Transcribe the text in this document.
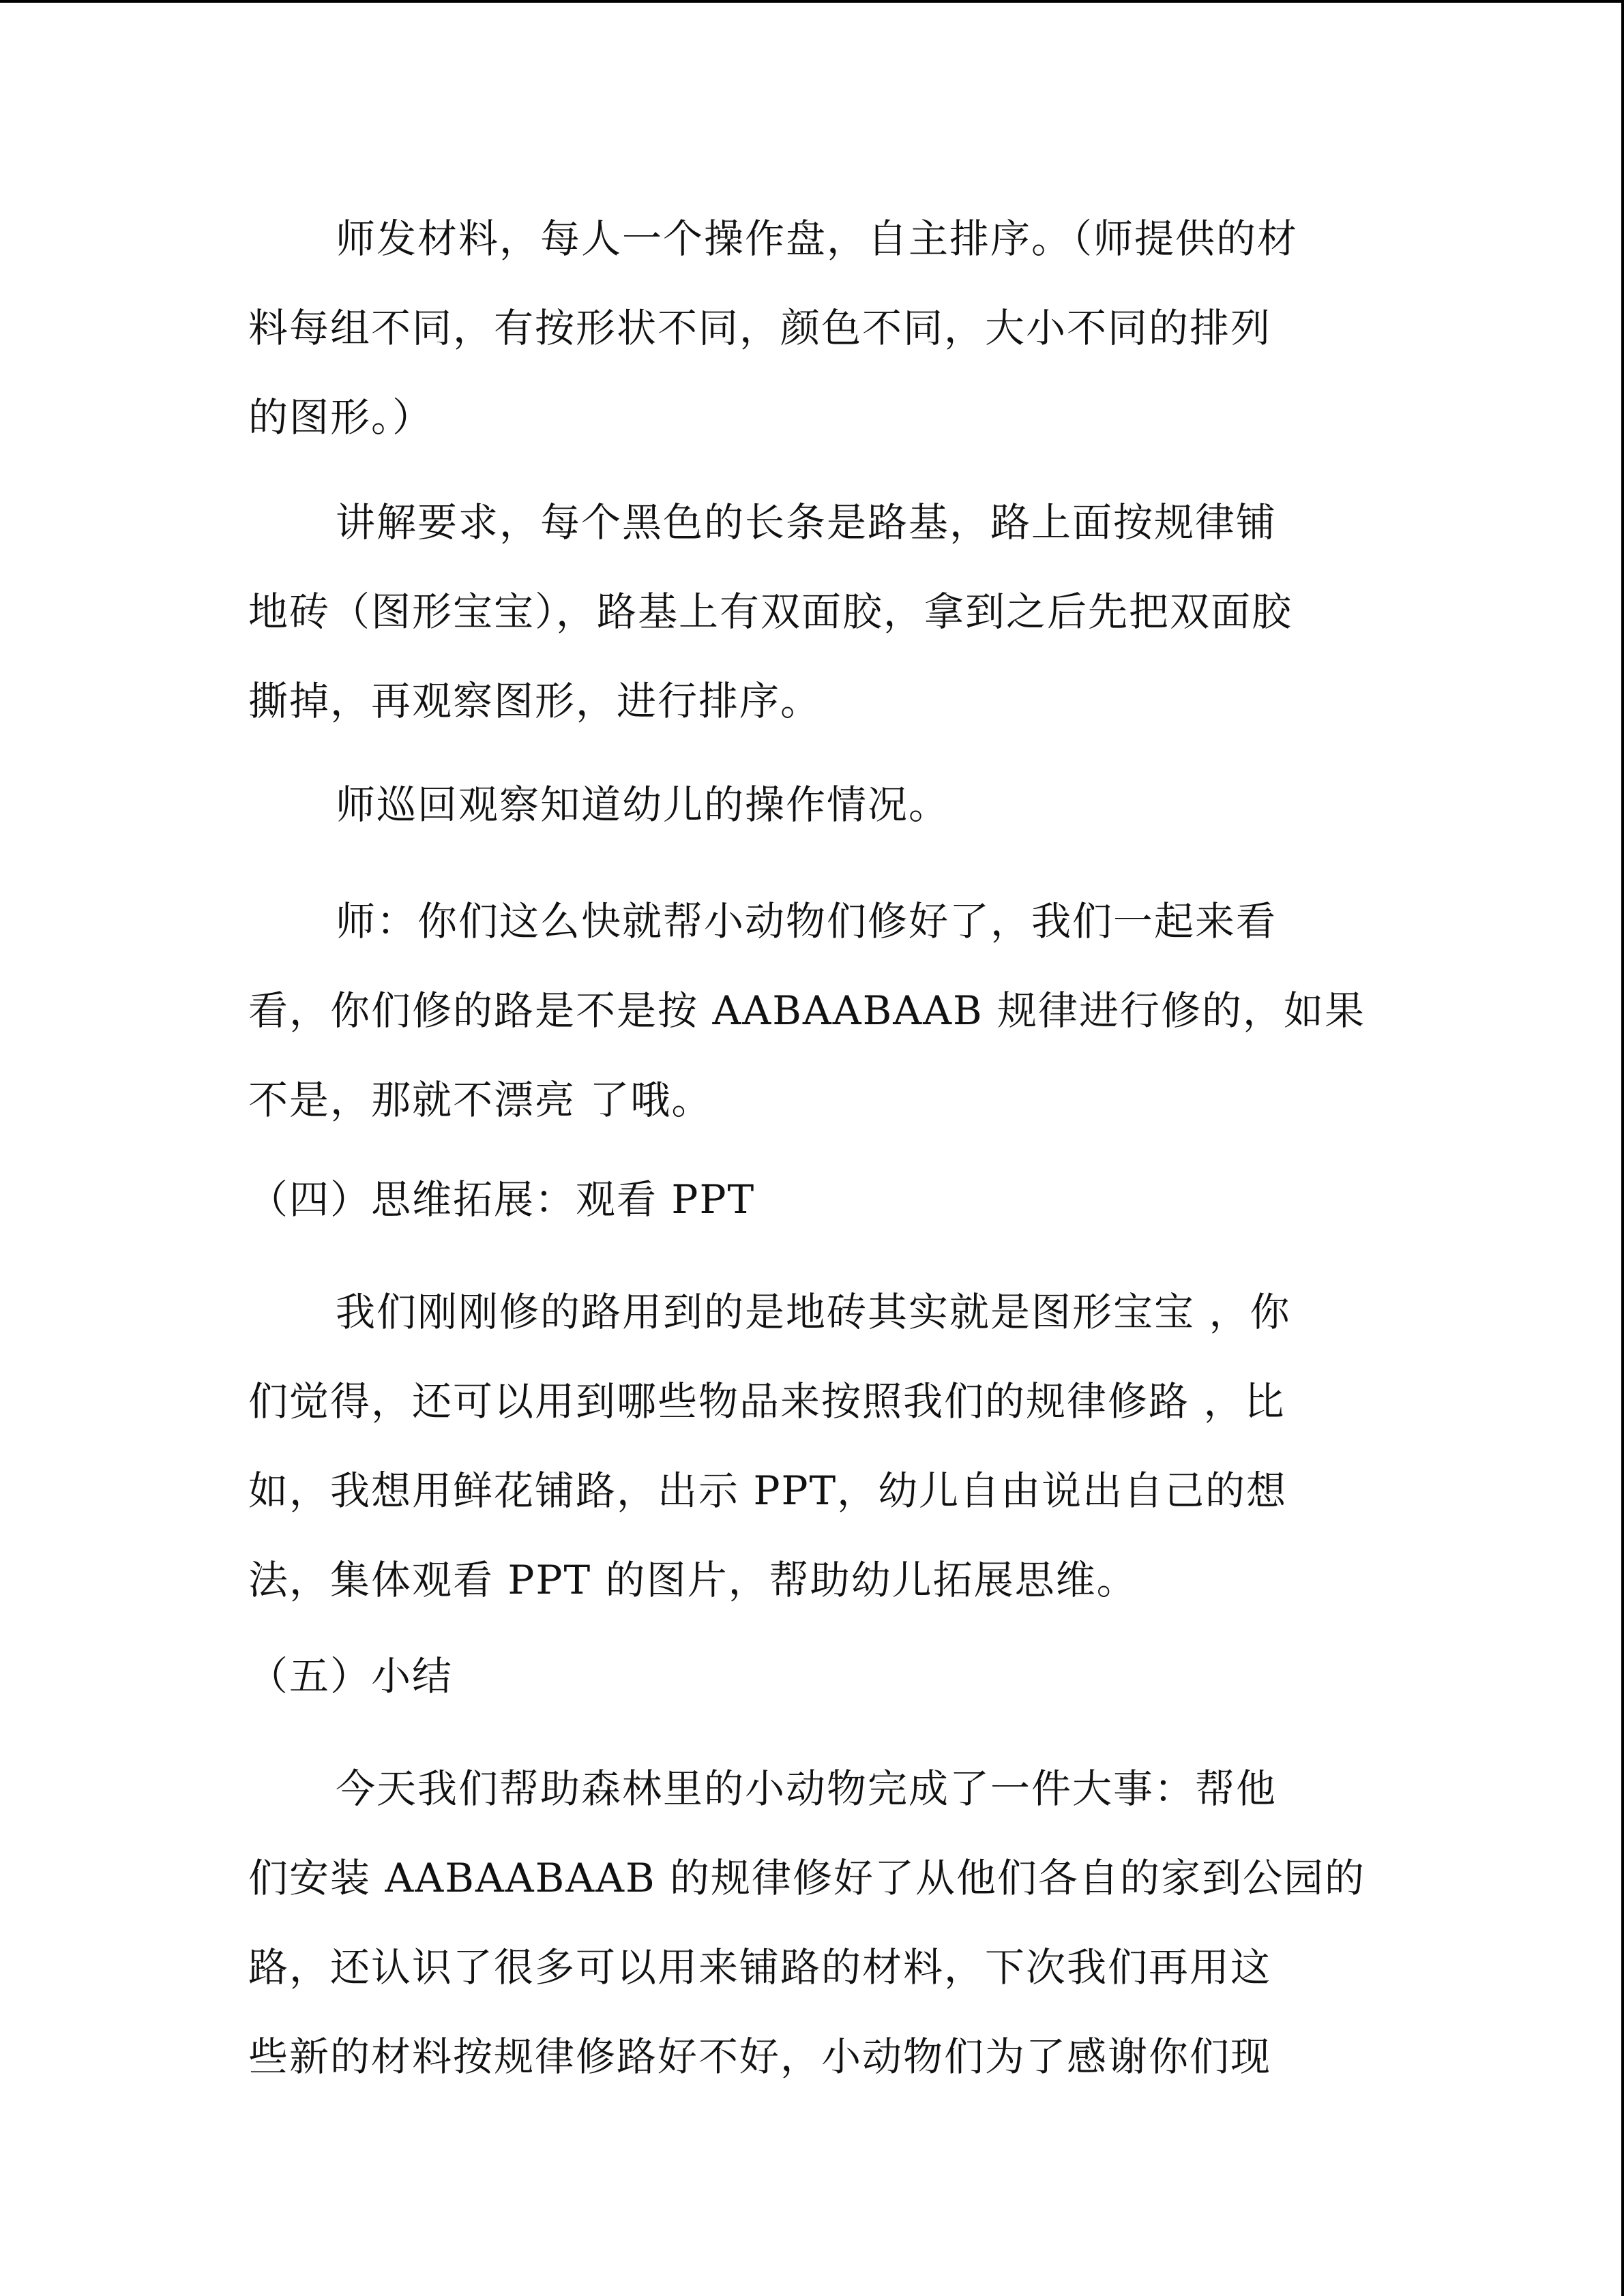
师发材料，每人一个操作盘，自主排序。（师提供的材
料每组不同，有按形状不同，颜色不同，大小不同的排列
的图形。）
讲解要求，每个黑色的长条是路基，路上面按规律铺
地砖（图形宝宝），路基上有双面胶，拿到之后先把双面胶
撕掉，再观察图形，进行排序。
师巡回观察知道幼儿的操作情况。
师：你们这么快就帮小动物们修好了，我们一起来看
看，你们修的路是不是按 AABAABAAB 规律进行修的，如果
不是，那就不漂亮 了哦。
（四）思维拓展：观看 PPT
我们刚刚修的路用到的是地砖其实就是图形宝宝 ，你
们觉得，还可以用到哪些物品来按照我们的规律修路 ，比
如，我想用鲜花铺路，出示 PPT，幼儿自由说出自己的想
法，集体观看 PPT 的图片，帮助幼儿拓展思维。
（五）小结
今天我们帮助森林里的小动物完成了一件大事：帮他
们安装 AABAABAAB 的规律修好了从他们各自的家到公园的
路，还认识了很多可以用来铺路的材料，下次我们再用这
些新的材料按规律修路好不好，小动物们为了感谢你们现
